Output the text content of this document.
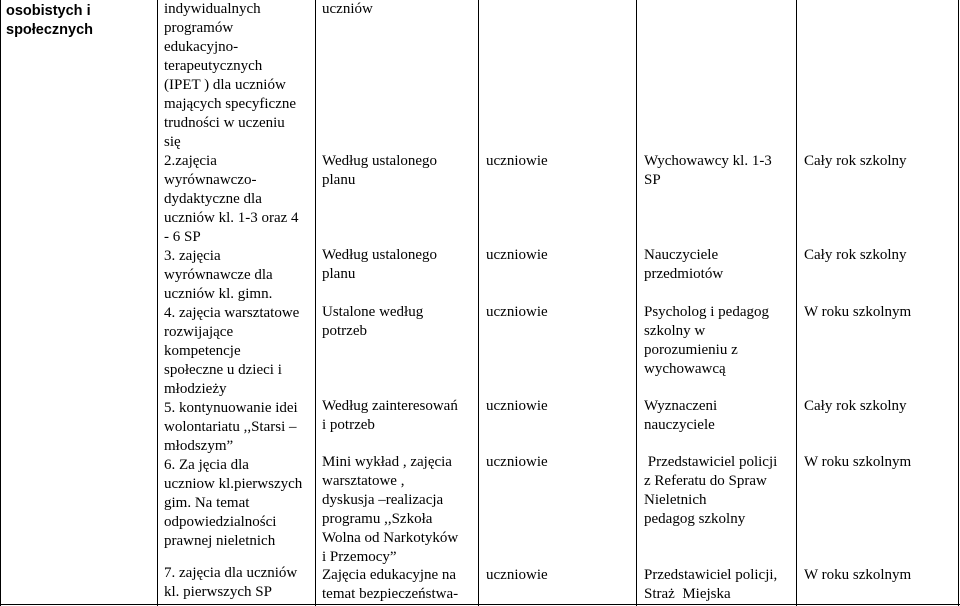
osobistych i
społecznych
indywidualnych
programów
edukacyjno-
terapeutycznych
(IPET ) dla uczniów
mających specyficzne
trudności w uczeniu
się
2.zajęcia
wyrównawczo-
dydaktyczne dla
uczniów kl. 1-3 oraz 4
- 6 SP
3. zajęcia
wyrównawcze dla
uczniów kl. gimn.
4. zajęcia warsztatowe
rozwijające
kompetencje
społeczne u dzieci i
młodzieży
5. kontynuowanie idei
wolontariatu ,,Starsi –
młodszym”
6. Za jęcia dla
uczniow kl.pierwszych
gim. Na temat
odpowiedzialności
prawnej nieletnich
7. zajęcia dla uczniów
kl. pierwszych SP
uczniów
Według ustalonego
planu
Według ustalonego
planu
Ustalone według
potrzeb
Według zainteresowań
i potrzeb
Mini wykład , zajęcia
warsztatowe ,
dyskusja –realizacja
programu ,,Szkoła
Wolna od Narkotyków
i Przemocy”
Zajęcia edukacyjne na
temat bezpieczeństwa-
uczniowie
uczniowie
uczniowie
uczniowie
uczniowie
uczniowie
Wychowawcy kl. 1-3
SP
Nauczyciele
przedmiotów
Psycholog i pedagog
szkolny w
porozumieniu z
wychowawcą
Wyznaczeni
nauczyciele
Przedstawiciel policji
z Referatu do Spraw
Nieletnich
pedagog szkolny
Przedstawiciel policji,
Straż  Miejska
Cały rok szkolny
Cały rok szkolny
W roku szkolnym
Cały rok szkolny
W roku szkolnym
W roku szkolnym
